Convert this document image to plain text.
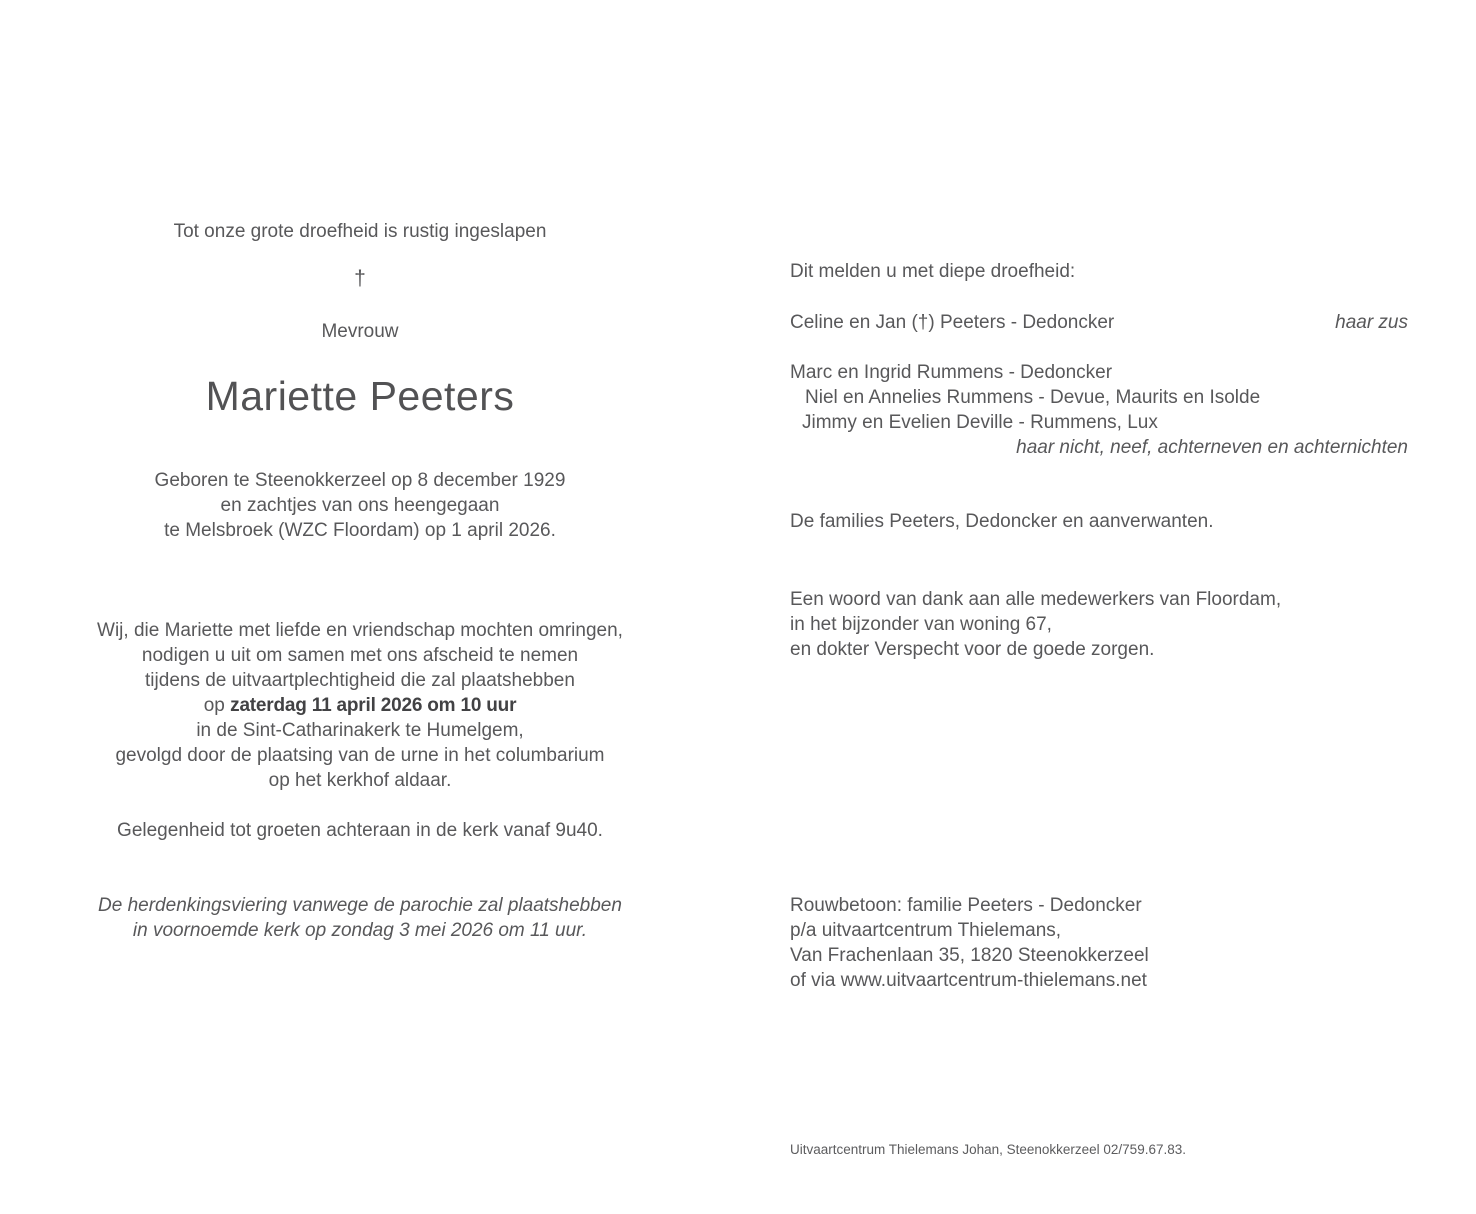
Tot onze grote droefheid is rustig ingeslapen
†
Mevrouw
Mariette Peeters
Geboren te Steenokkerzeel op 8 december 1929
en zachtjes van ons heengegaan
te Melsbroek (WZC Floordam) op 1 april 2026.
Wij, die Mariette met liefde en vriendschap mochten omringen,
nodigen u uit om samen met ons afscheid te nemen
tijdens de uitvaartplechtigheid die zal plaatshebben
op zaterdag 11 april 2026 om 10 uur
in de Sint-Catharinakerk te Humelgem,
gevolgd door de plaatsing van de urne in het columbarium
op het kerkhof aldaar.
Gelegenheid tot groeten achteraan in de kerk vanaf 9u40.
De herdenkingsviering vanwege de parochie zal plaatshebben
in voornoemde kerk op zondag 3 mei 2026 om 11 uur.
Dit melden u met diepe droefheid:
Celine en Jan (†) Peeters - Dedoncker	haar zus
Marc en Ingrid Rummens - Dedoncker
Niel en Annelies Rummens - Devue, Maurits en Isolde
Jimmy en Evelien Deville - Rummens, Lux
haar nicht, neef, achterneven en achternichten
De families Peeters, Dedoncker en aanverwanten.
Een woord van dank aan alle medewerkers van Floordam,
in het bijzonder van woning 67,
en dokter Verspecht voor de goede zorgen.
Rouwbetoon: familie Peeters - Dedoncker
p/a uitvaartcentrum Thielemans,
Van Frachenlaan 35, 1820 Steenokkerzeel
of via www.uitvaartcentrum-thielemans.net
Uitvaartcentrum Thielemans Johan, Steenokkerzeel 02/759.67.83.
